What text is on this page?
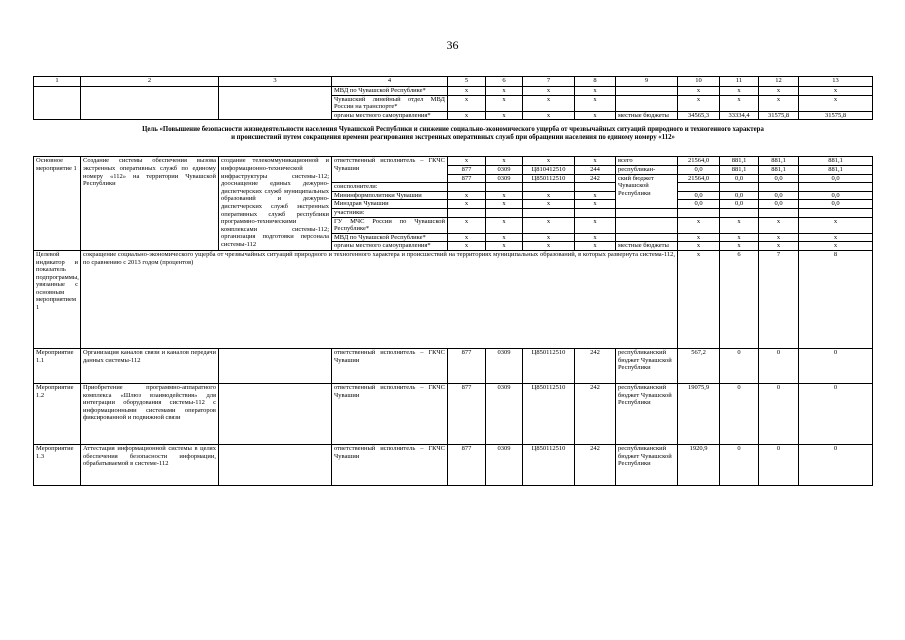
36
1	2	3	4	5	6	7	8	9	10	11	12	13
			МВД по Чувашской Республике*	х	х	х	х		х	х	х	х
			Чувашский линейный отдел МВД России на транспорте*	х	х	х	х		х	х	х	х
			органы местного самоуправления*	х	х	х	х	местные бюджеты	34565,3	33334,4	31575,8	31575,8

Цель «Повышение безопасности жизнедеятельности населения Чувашской Республики и снижение социально-экономического ущерба от чрезвычайных ситуаций природного и техногенного характера

и происшествий путем сокращения времени реагирования экстренных оперативных служб при обращении населения по единому номеру «112»												

Основное мероприятие 1	Создание системы обеспечения вызова экстренных оперативных служб по единому номеру «112» на территории Чувашской Республики	создание телекоммуникационной и информационно-технической инфраструктуры системы-112; дооснащение единых дежурно-диспетчерских служб муниципальных образований и дежурно-диспетчерских служб экстренных оперативных служб республики программно-техническими комплексами системы-112; организация подготовки персонала системы-112	ответственный исполнитель – ГКЧС Чувашии	х	х	х	х	всего	21564,0	881,1	881,1	881,1
				877	0309	Ц810412510	244	республикан-	0,0	881,1	881,1	881,1
				877	0309	Ц850112510	242	ский бюджет Чувашской Республики	21564,0	0,0	0,0	0,0
			соисполнители:									
			Мининформполитики Чувашии	х	х	х	х		0,0	0,0	0,0	0,0
			Минздрав Чувашии	х	х	х	х		0,0	0,0	0,0	0,0
			участники:									
			ГУ МЧС России по Чувашской Республике*	х	х	х	х		х	х	х	х
			МВД по Чувашской Республике*	х	х	х	х		х	х	х	х
			органы местного самоуправления*	х	х	х	х	местные бюджеты	х	х	х	х
Целевой индикатор и показатель подпрограммы, увязанные с основным мероприятием 1	сокращение социально-экономического ущерба от чрезвычайных ситуаций природного и техногенного характера и происшествий на территориях муниципальных образований, в которых развернута система-112, по сравнению с 2013 годом (процентов)								х	6	7	8
Мероприятие 1.1	Организация каналов связи и каналов передачи данных системы-112		ответственный исполнитель – ГКЧС Чувашии	877	0309	Ц850112510	242	республиканский бюджет Чувашской Республики	567,2	0	0	0
Мероприятие 1.2	Приобретение программно-аппаратного комплекса «Шлюз взаимодействия» для интеграции оборудования системы-112 с информационными системами операторов фиксированной и подвижной связи		ответственный исполнитель – ГКЧС Чувашии	877	0309	Ц850112510	242	республиканский бюджет Чувашской Республики	19075,9	0	0	0
Мероприятие 1.3	Аттестация информационной системы в целях обеспечения безопасности информации, обрабатываемой в системе-112		ответственный исполнитель – ГКЧС Чувашии	877	0309	Ц850112510	242	республиканский бюджет Чувашской Республики	1920,9	0	0	0
